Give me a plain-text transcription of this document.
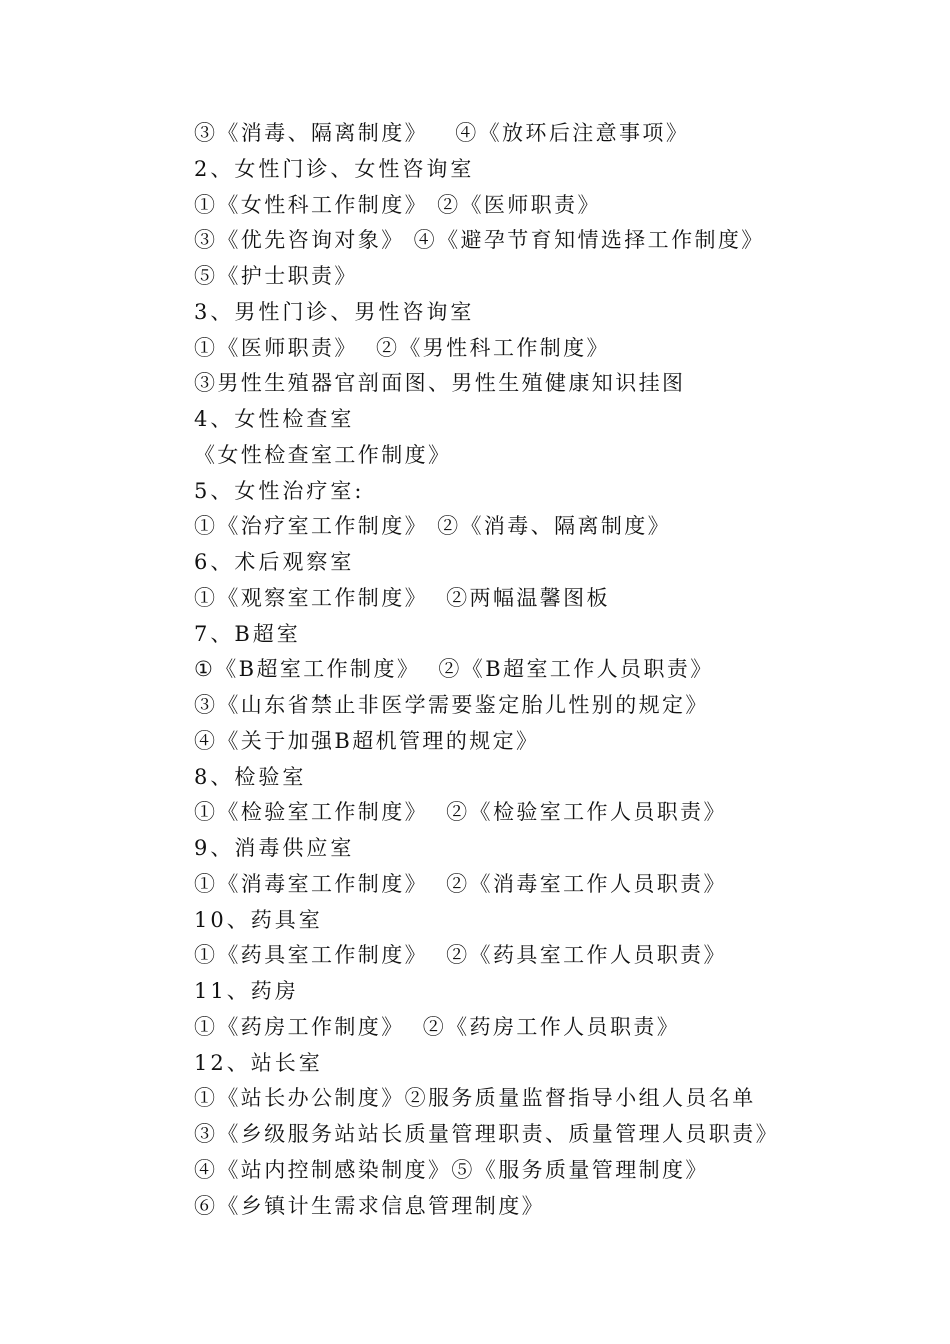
③《消毒、隔离制度》   ④《放环后注意事项》
2、女性门诊、女性咨询室
①《女性科工作制度》 ②《医师职责》
③《优先咨询对象》 ④《避孕节育知情选择工作制度》
⑤《护士职责》
3、男性门诊、男性咨询室
①《医师职责》  ②《男性科工作制度》
③男性生殖器官剖面图、男性生殖健康知识挂图
4、女性检查室
《女性检查室工作制度》
5、女性治疗室:
①《治疗室工作制度》 ②《消毒、隔离制度》
6、术后观察室
①《观察室工作制度》  ②两幅温馨图板
7、B超室
①《B超室工作制度》  ②《B超室工作人员职责》
③《山东省禁止非医学需要鉴定胎儿性别的规定》
④《关于加强B超机管理的规定》
8、检验室
①《检验室工作制度》  ②《检验室工作人员职责》
9、消毒供应室
①《消毒室工作制度》  ②《消毒室工作人员职责》
10、药具室
①《药具室工作制度》  ②《药具室工作人员职责》
11、药房
①《药房工作制度》  ②《药房工作人员职责》
12、站长室
①《站长办公制度》②服务质量监督指导小组人员名单
③《乡级服务站站长质量管理职责、质量管理人员职责》
④《站内控制感染制度》⑤《服务质量管理制度》
⑥《乡镇计生需求信息管理制度》
